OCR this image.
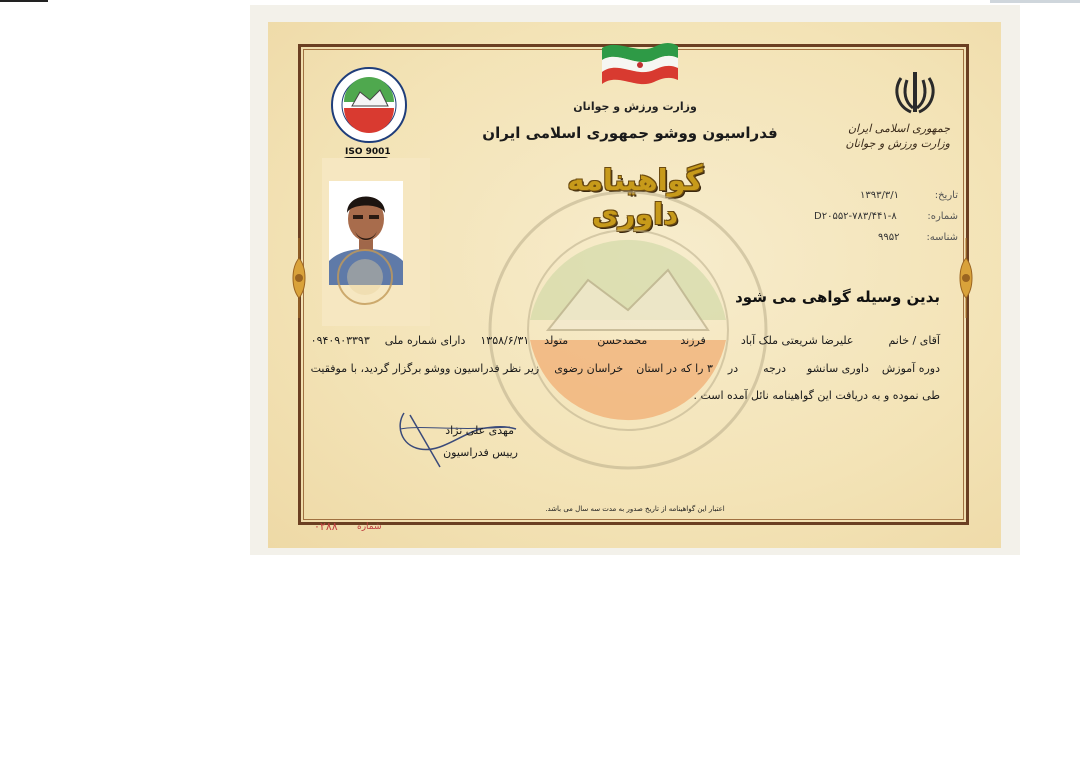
جمهوری اسلامی ایران
وزارت ورزش و جوانان
ISO 9001
وزارت ورزش و جوانان
فدراسیون ووشو جمهوری اسلامی ایران
گواهینامه داوری
تاریخ:
۱۳۹۳/۳/۱
شماره:
D۲۰۵۵۲-۷۸۳/۴۴۱-۸
شناسه:
۹۹۵۲
بدین وسیله گواهی می شود
آقای / خانم  علیرضا شریعتی ملک آباد  فرزند  محمدحسن  متولد  ۱۳۵۸/۶/۳۱  دارای شماره ملی  ۰۹۴۰۹۰۳۳۹۳
دوره آموزش  داوری سانشو  درجه  در  ۳ را که در استان  خراسان رضوی  زیر نظر فدراسیون ووشو برگزار گردید، با موفقیت
طی نموده و به دریافت این گواهینامه نائل آمده است .
مهدی علی نژاد
رییس فدراسیون
اعتبار این گواهینامه از تاریخ صدور به مدت سه سال می باشد.
شماره
۰۲۸۸
